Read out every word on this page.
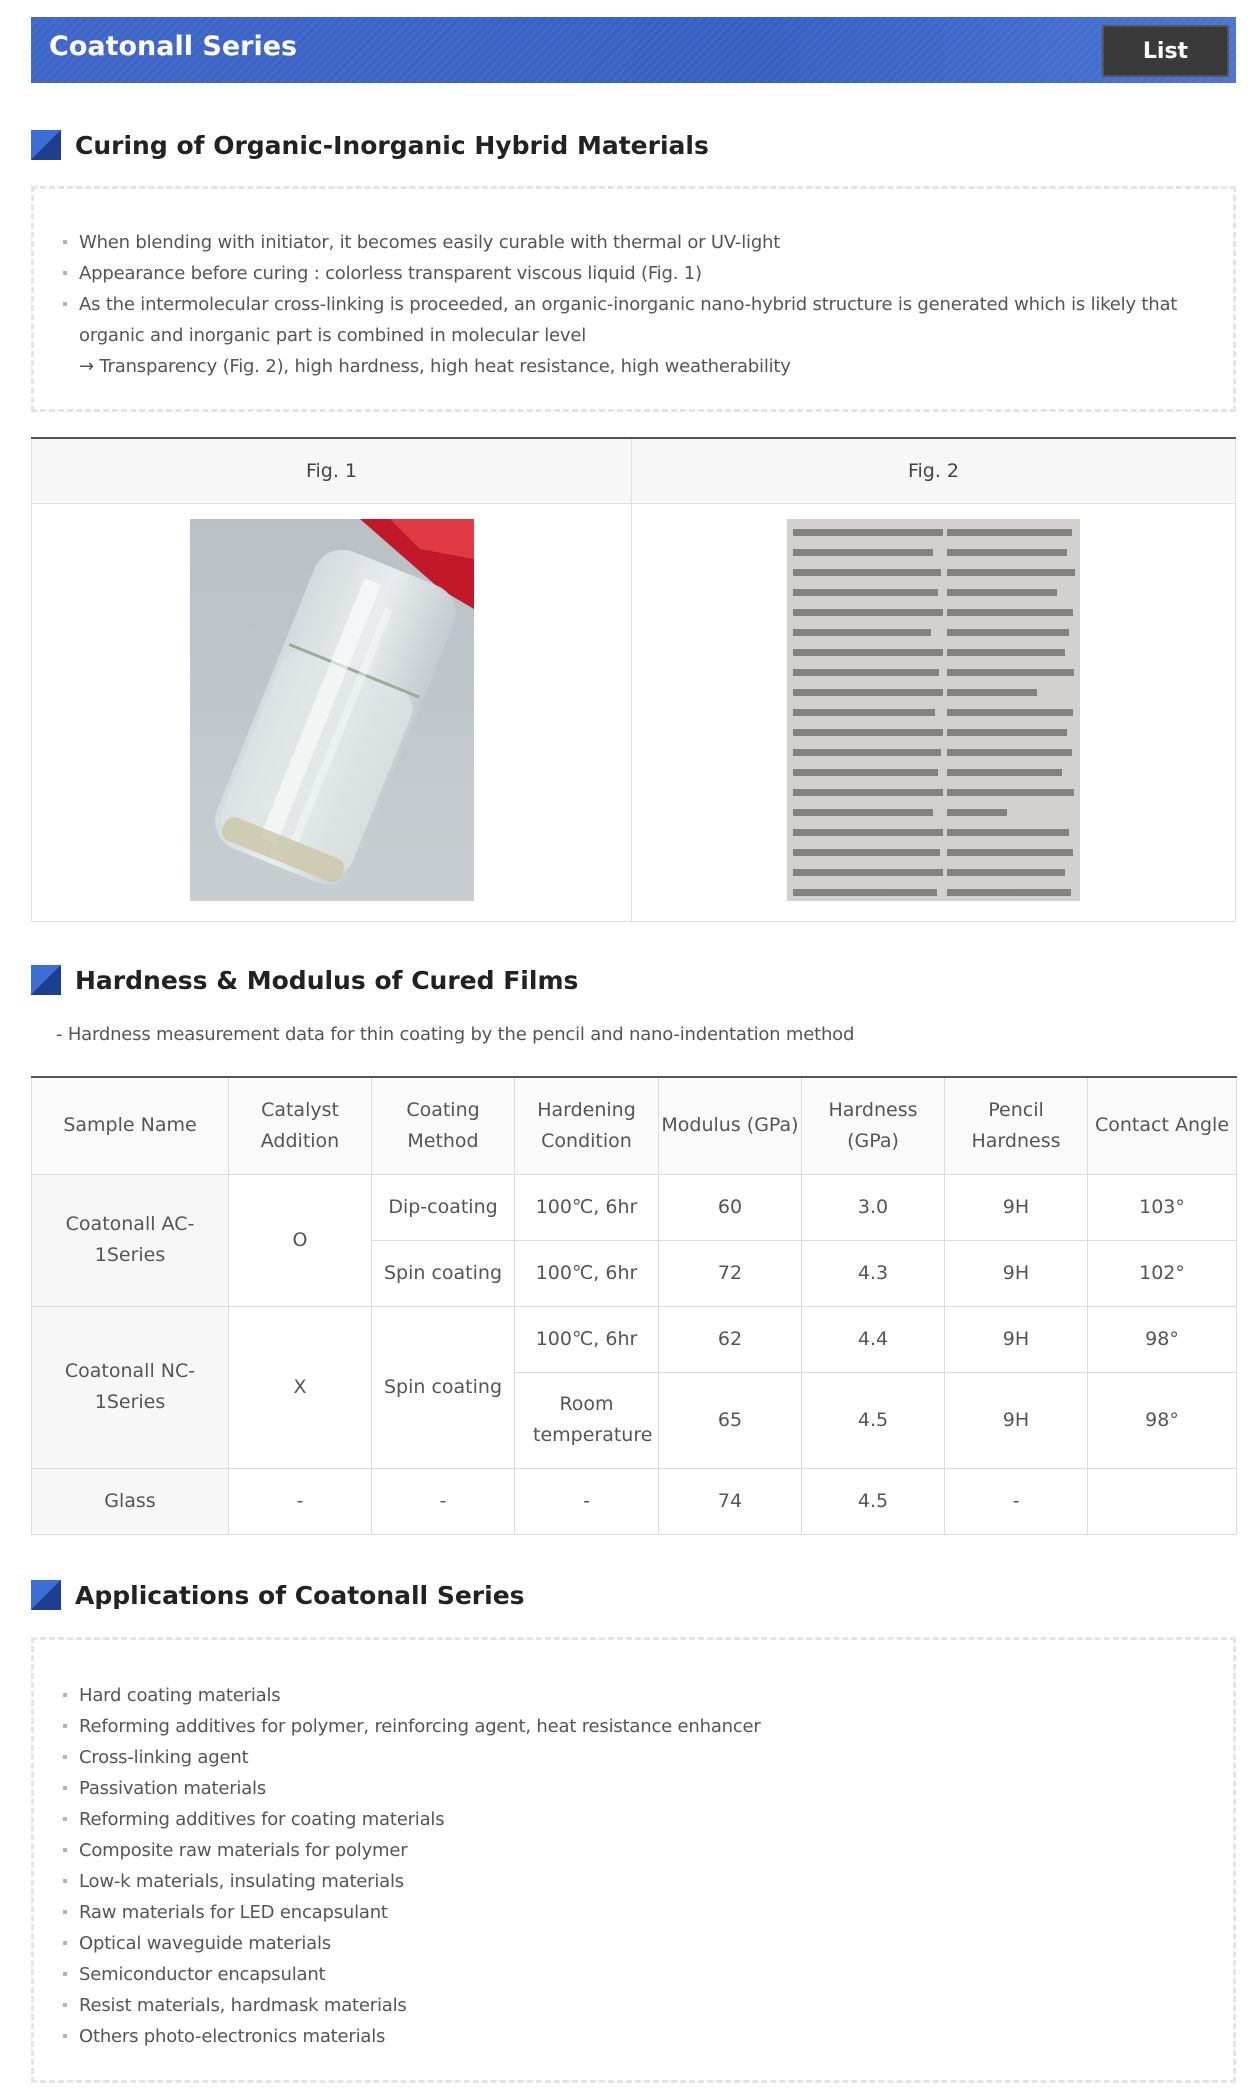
Coatonall Series	List
Curing of Organic-Inorganic Hybrid Materials
When blending with initiator, it becomes easily curable with thermal or UV-light
Appearance before curing : colorless transparent viscous liquid (Fig. 1)
As the intermolecular cross-linking is proceeded, an organic-inorganic nano-hybrid structure is generated which is likely that organic and inorganic part is combined in molecular level
→ Transparency (Fig. 2), high hardness, high heat resistance, high weatherability
Fig. 1	Fig. 2

Hardness & Modulus of Cured Films
- Hardness measurement data for thin coating by the pencil and nano-indentation method
Sample Name	Catalyst Addition	Coating Method	Hardening Condition	Modulus (GPa)	Hardness (GPa)	Pencil Hardness	Contact Angle
Coatonall AC-1Series	O	Dip-coating	100℃, 6hr	60	3.0	9H	103°
		Spin coating	100℃, 6hr	72	4.3	9H	102°
Coatonall NC-1Series	X	Spin coating	100℃, 6hr	62	4.4	9H	98°
			Room temperature	65	4.5	9H	98°
Glass	-	-	-	74	4.5	-	
Applications of Coatonall Series
Hard coating materials
Reforming additives for polymer, reinforcing agent, heat resistance enhancer
Cross-linking agent
Passivation materials
Reforming additives for coating materials
Composite raw materials for polymer
Low-k materials, insulating materials
Raw materials for LED encapsulant
Optical waveguide materials
Semiconductor encapsulant
Resist materials, hardmask materials
Others photo-electronics materials
